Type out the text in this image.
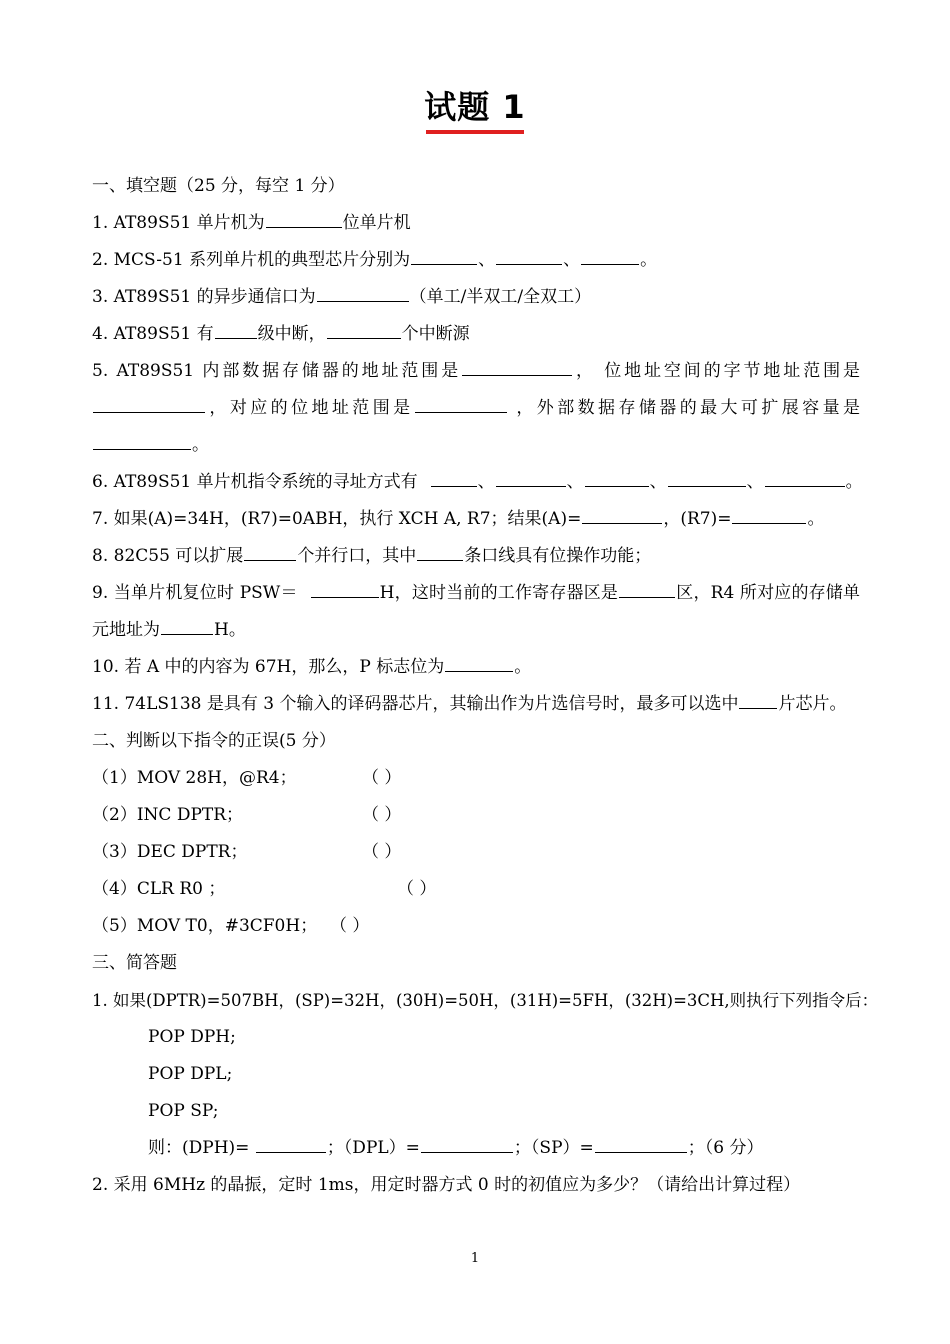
试题 1
一、填空题（25 分，每空 1 分）
1. AT89S51 单片机为	位单片机
2. MCS-51 系列单片机的典型芯片分别为	、	、	。
3. AT89S51 的异步通信口为	（单工/半双工/全双工）
4. AT89S51 有	级中断，	个中断源
5. AT89S51 内部数据存储器的地址范围是	， 位地址空间的字节地址范围是，对应的位地址范围是	，外部数据存储器的最大可扩展容量是。
6. AT89S51 单片机指令系统的寻址方式有	、	、	、	、	。
7. 如果(A)=34H，(R7)=0ABH，执行 XCH A, R7；结果(A)=	，(R7)=	。
8. 82C55 可以扩展	个并行口，其中	条口线具有位操作功能；
9. 当单片机复位时 PSW＝	H，这时当前的工作寄存器区是	区，R4 所对应的存储单元地址为	H。
10. 若 A 中的内容为 67H，那么，P 标志位为	。
11. 74LS138 是具有 3 个输入的译码器芯片，其输出作为片选信号时，最多可以选中 片芯片。
二、判断以下指令的正误(5 分）
（1）MOV 28H，@R4；	（ ）
（2）INC DPTR；	（ ）
（3）DEC DPTR；	（ ）
（4）CLR R0 ；	（ ）
（5）MOV T0，#3CF0H； （ ）
三、简答题
1. 如果(DPTR)=507BH，(SP)=32H，(30H)=50H，(31H)=5FH，(32H)=3CH,则执行下列指令后：
POP DPH;
POP DPL;
POP SP;
则：(DPH)=	；（DPL）=	；（SP）=	；（6 分）
2. 采用 6MHz 的晶振，定时 1ms，用定时器方式 0 时的初值应为多少？（请给出计算过程）
1
